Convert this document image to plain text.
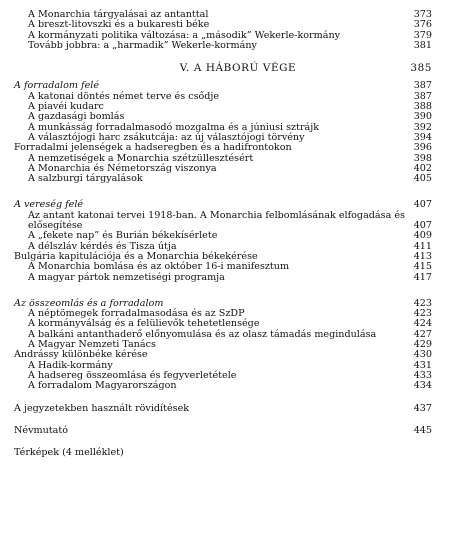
A Monarchia tárgyalásai az antanttal	373
A breszt-litovszki és a bukaresti béke	376
A kormányzati politika változása: a „második” Wekerle-kormány	379
Tovább jobbra: a „harmadik” Wekerle-kormány	381
V. A HÁBORÚ VÉGE	385
A forradalom felé	387
A katonai döntés német terve és csődje	387
A piavéi kudarc	388
A gazdasági bomlás	390
A munkásság forradalmasodó mozgalma és a júniusi sztrájk	392
A választójogi harc zsákutcája: az új választójogi törvény	394
Forradalmi jelenségek a hadseregben és a hadifrontokon	396
A nemzetiségek a Monarchia szétzüllesztésért	398
A Monarchia és Németország viszonya	402
A salzburgi tárgyalások	405
A vereség felé	407
Az antant katonai tervei 1918-ban. A Monarchia felbomlásának elfogadása és elősegítése	407
A „fekete nap” és Burián békekísérlete	409
A délszláv kérdés és Tisza útja	411
Bulgária kapitulációja és a Monarchia békekérése	413
A Monarchia bomlása és az október 16-i manifesztum	415
A magyar pártok nemzetiségi programja	417
Az összeomlás és a forradalom	423
A néptömegek forradalmasodása és az SzDP	423
A kormányválság és a felülievők tehetetlensége	424
A balkáni antanthaderő előnyomulása és az olasz támadás megindulása	427
A Magyar Nemzeti Tanács	429
Andrássy különbéke kérése	430
A Hadik-kormány	431
A hadsereg összeomlása és fegyverletétele	433
A forradalom Magyarországon	434
A jegyzetekben használt rövidítések	437
Névmutató	445
Térképek (4 melléklet)
